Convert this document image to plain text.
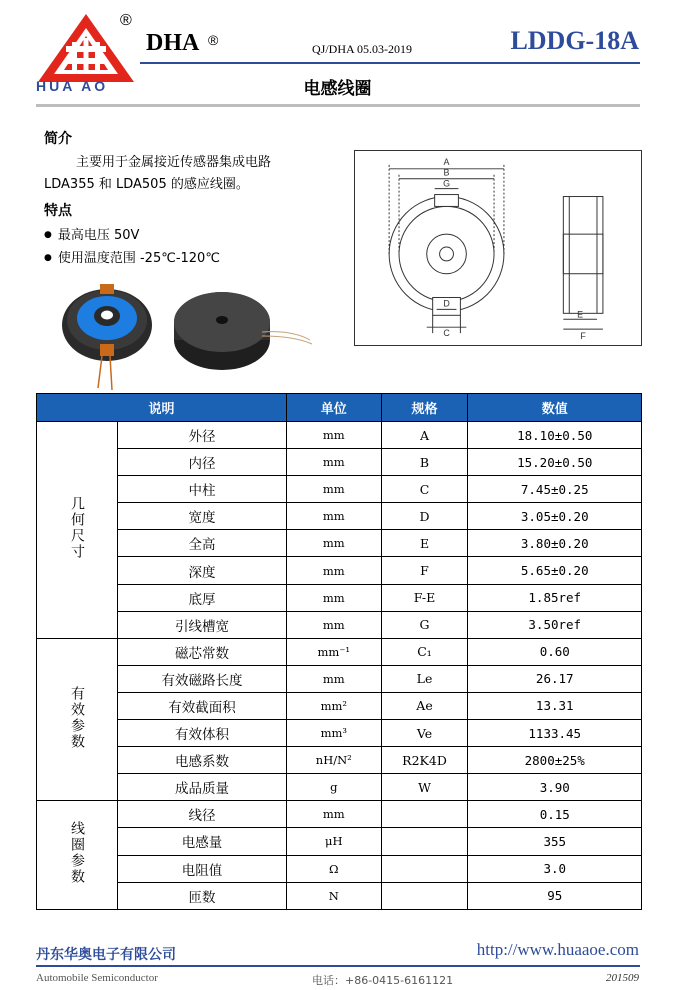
®
HUA AO
DHA ®
QJ/DHA 05.03-2019	LDDG-18A
电感线圈
简介
主要用于金属接近传感器集成电路
LDA355 和 LDA505 的感应线圈。
特点
● 最高电压 50V
● 使用温度范围 -25℃-120℃
A
B
G
D
C
E
F
说明		单位	规格	数值
几何尺寸	外径	mm	A	18.10±0.50
	内径	mm	B	15.20±0.50
	中柱	mm	C	7.45±0.25
	宽度	mm	D	3.05±0.20
	全高	mm	E	3.80±0.20
	深度	mm	F	5.65±0.20
	底厚	mm	F-E	1.85ref
	引线槽宽	mm	G	3.50ref
有效参数	磁芯常数	mm⁻¹	C₁	0.60
	有效磁路长度	mm	Le	26.17
	有效截面积	mm²	Ae	13.31
	有效体积	mm³	Ve	1133.45
	电感系数	nH/N²	R2K4D	2800±25%
	成品质量	g	W	3.90
线圈参数	线径	mm		0.15
	电感量	μH		355
	电阻值	Ω		3.0
	匝数	N		95
丹东华奥电子有限公司	http://www.huaaoe.com
Automobile Semiconductor	电话：+86-0415-6161121	201509
